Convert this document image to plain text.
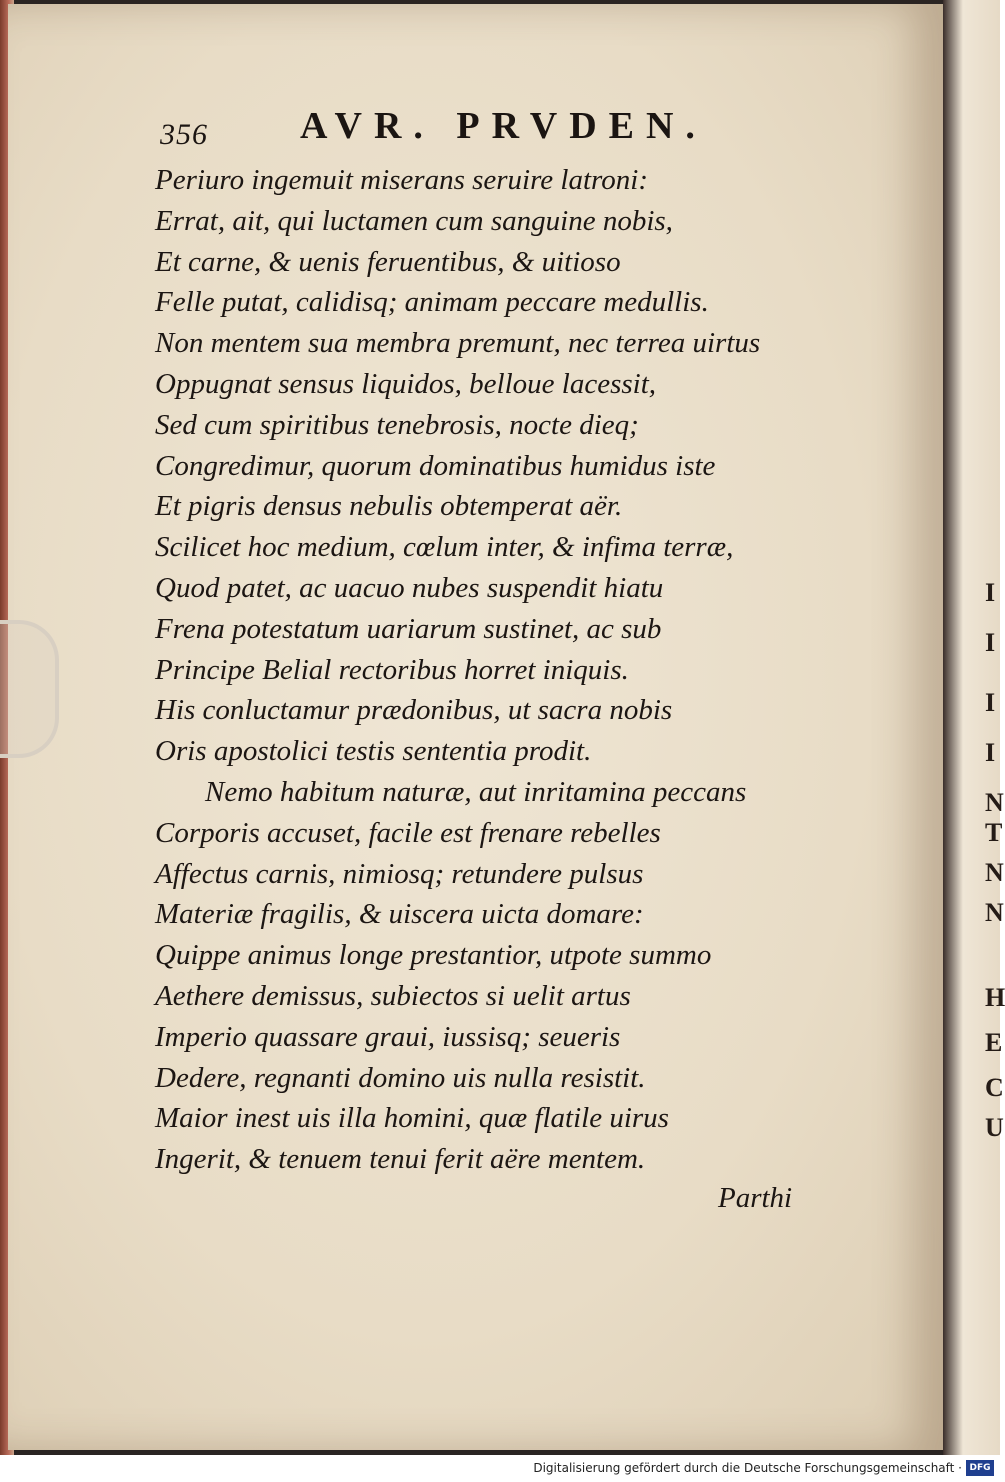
I
I
I
I
N
T
N
N
H
E
C
U
356 AVR. PRVDEN.
Periuro ingemuit miserans seruire latroni:
Errat, ait, qui luctamen cum sanguine nobis,
Et carne, & uenis feruentibus, & uitioso
Felle putat, calidisq; animam peccare medullis.
Non mentem sua membra premunt, nec terrea uirtus
Oppugnat sensus liquidos, belloue lacessit,
Sed cum spiritibus tenebrosis, nocte dieq;
Congredimur, quorum dominatibus humidus iste
Et pigris densus nebulis obtemperat aër.
Scilicet hoc medium, cœlum inter, & infima terræ,
Quod patet, ac uacuo nubes suspendit hiatu
Frena potestatum uariarum sustinet, ac sub
Principe Belial rectoribus horret iniquis.
His conluctamur prædonibus, ut sacra nobis
Oris apostolici testis sententia prodit.
Nemo habitum naturæ, aut inritamina peccans
Corporis accuset, facile est frenare rebelles
Affectus carnis, nimiosq; retundere pulsus
Materiæ fragilis, & uiscera uicta domare:
Quippe animus longe prestantior, utpote summo
Aethere demissus, subiectos si uelit artus
Imperio quassare graui, iussisq; seueris
Dedere, regnanti domino uis nulla resistit.
Maior inest uis illa homini, quæ flatile uirus
Ingerit, & tenuem tenui ferit aëre mentem.
Parthi
Digitalisierung gefördert durch die Deutsche Forschungsgemeinschaft · DFG
